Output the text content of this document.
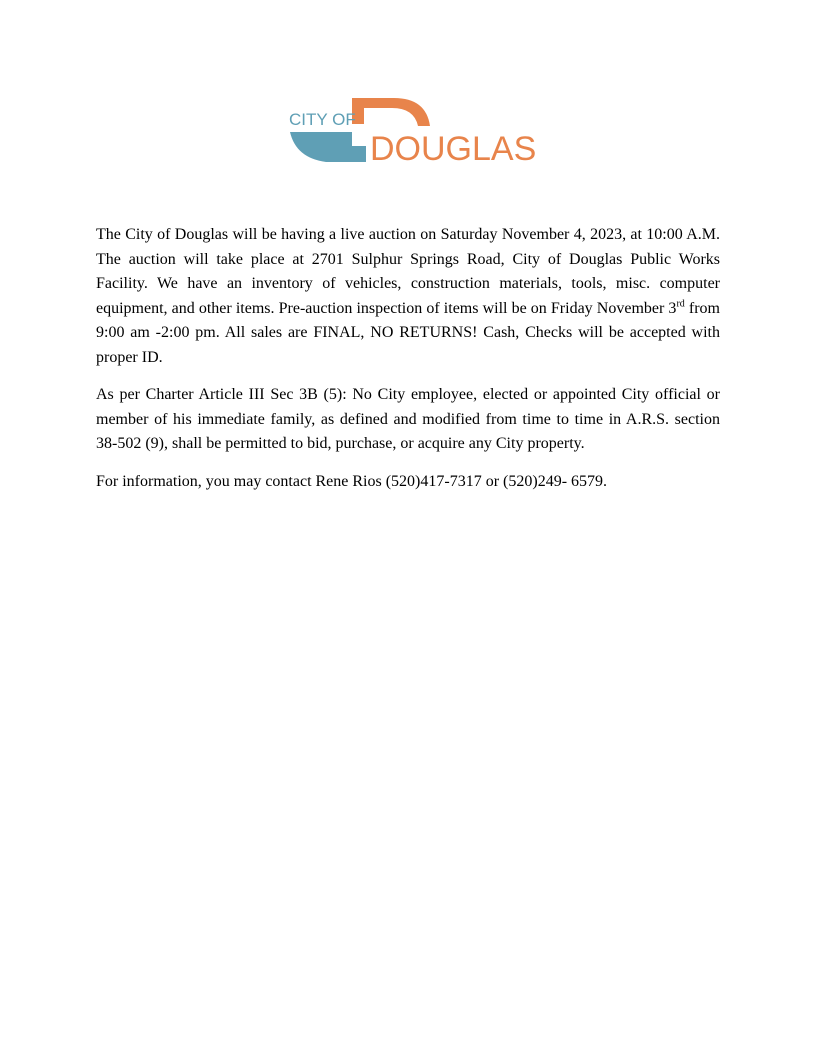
CITY OF
DOUGLAS

The City of Douglas will be having a live auction on Saturday November 4, 2023, at 10:00 A.M. The auction will take place at 2701 Sulphur Springs Road, City of Douglas Public Works Facility. We have an inventory of vehicles, construction materials, tools, misc. computer equipment, and other items. Pre-auction inspection of items will be on Friday November 3rd from 9:00 am -2:00 pm. All sales are FINAL, NO RETURNS! Cash, Checks will be accepted with proper ID.

As per Charter Article III Sec 3B (5): No City employee, elected or appointed City official or member of his immediate family, as defined and modified from time to time in A.R.S. section 38-502 (9), shall be permitted to bid, purchase, or acquire any City property.

For information, you may contact Rene Rios (520)417-7317 or (520)249- 6579.
